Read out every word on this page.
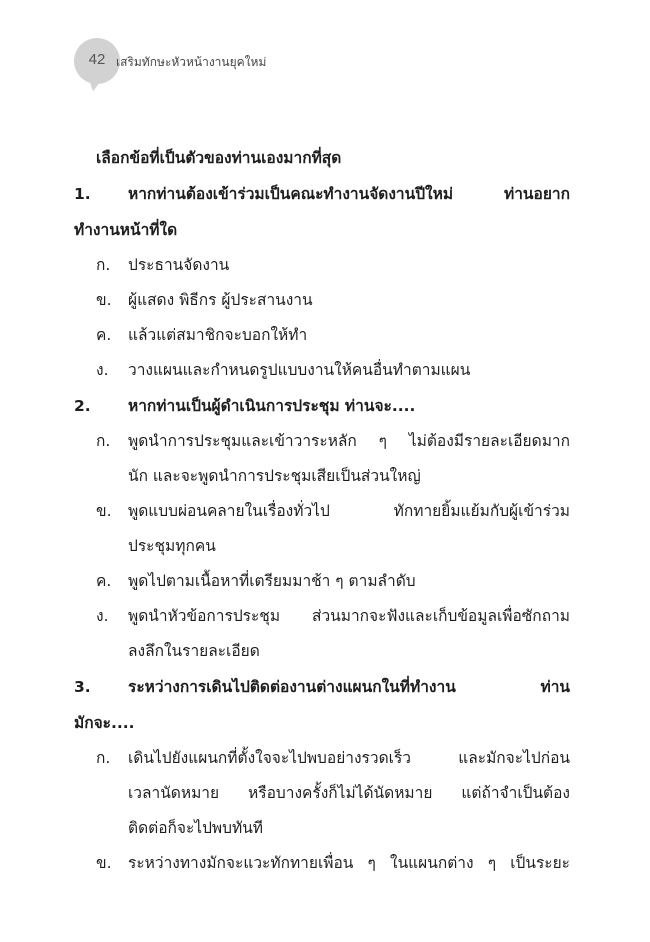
42 เสริมทักษะหัวหน้างานยุคใหม่

เลือกข้อที่เป็นตัวของท่านเองมากที่สุด

1.	หากท่านต้องเข้าร่วมเป็นคณะทำงานจัดงานปีใหม่ ท่านอยาก
ทำงานหน้าที่ใด
ก.	ประธานจัดงาน
ข.	ผู้แสดง พิธีกร ผู้ประสานงาน
ค.	แล้วแต่สมาชิกจะบอกให้ทำ
ง.	วางแผนและกำหนดรูปแบบงานให้คนอื่นทำตามแผน
2.	หากท่านเป็นผู้ดำเนินการประชุม ท่านจะ....
ก.	พูดนำการประชุมและเข้าวาระหลัก ๆ ไม่ต้องมีรายละเอียดมาก
นัก และจะพูดนำการประชุมเสียเป็นส่วนใหญ่
ข.	พูดแบบผ่อนคลายในเรื่องทั่วไป ทักทายยิ้มแย้มกับผู้เข้าร่วม
ประชุมทุกคน
ค.	พูดไปตามเนื้อหาที่เตรียมมาช้า ๆ ตามลำดับ
ง.	พูดนำหัวข้อการประชุม ส่วนมากจะฟังและเก็บข้อมูลเพื่อซักถาม
ลงลึกในรายละเอียด
3.	ระหว่างการเดินไปติดต่องานต่างแผนกในที่ทำงาน ท่าน
มักจะ....
ก.	เดินไปยังแผนกที่ตั้งใจจะไปพบอย่างรวดเร็ว และมักจะไปก่อน
เวลานัดหมาย หรือบางครั้งก็ไม่ได้นัดหมาย แต่ถ้าจำเป็นต้อง
ติดต่อก็จะไปพบทันที
ข.	ระหว่างทางมักจะแวะทักทายเพื่อน ๆ ในแผนกต่าง ๆ เป็นระยะ
